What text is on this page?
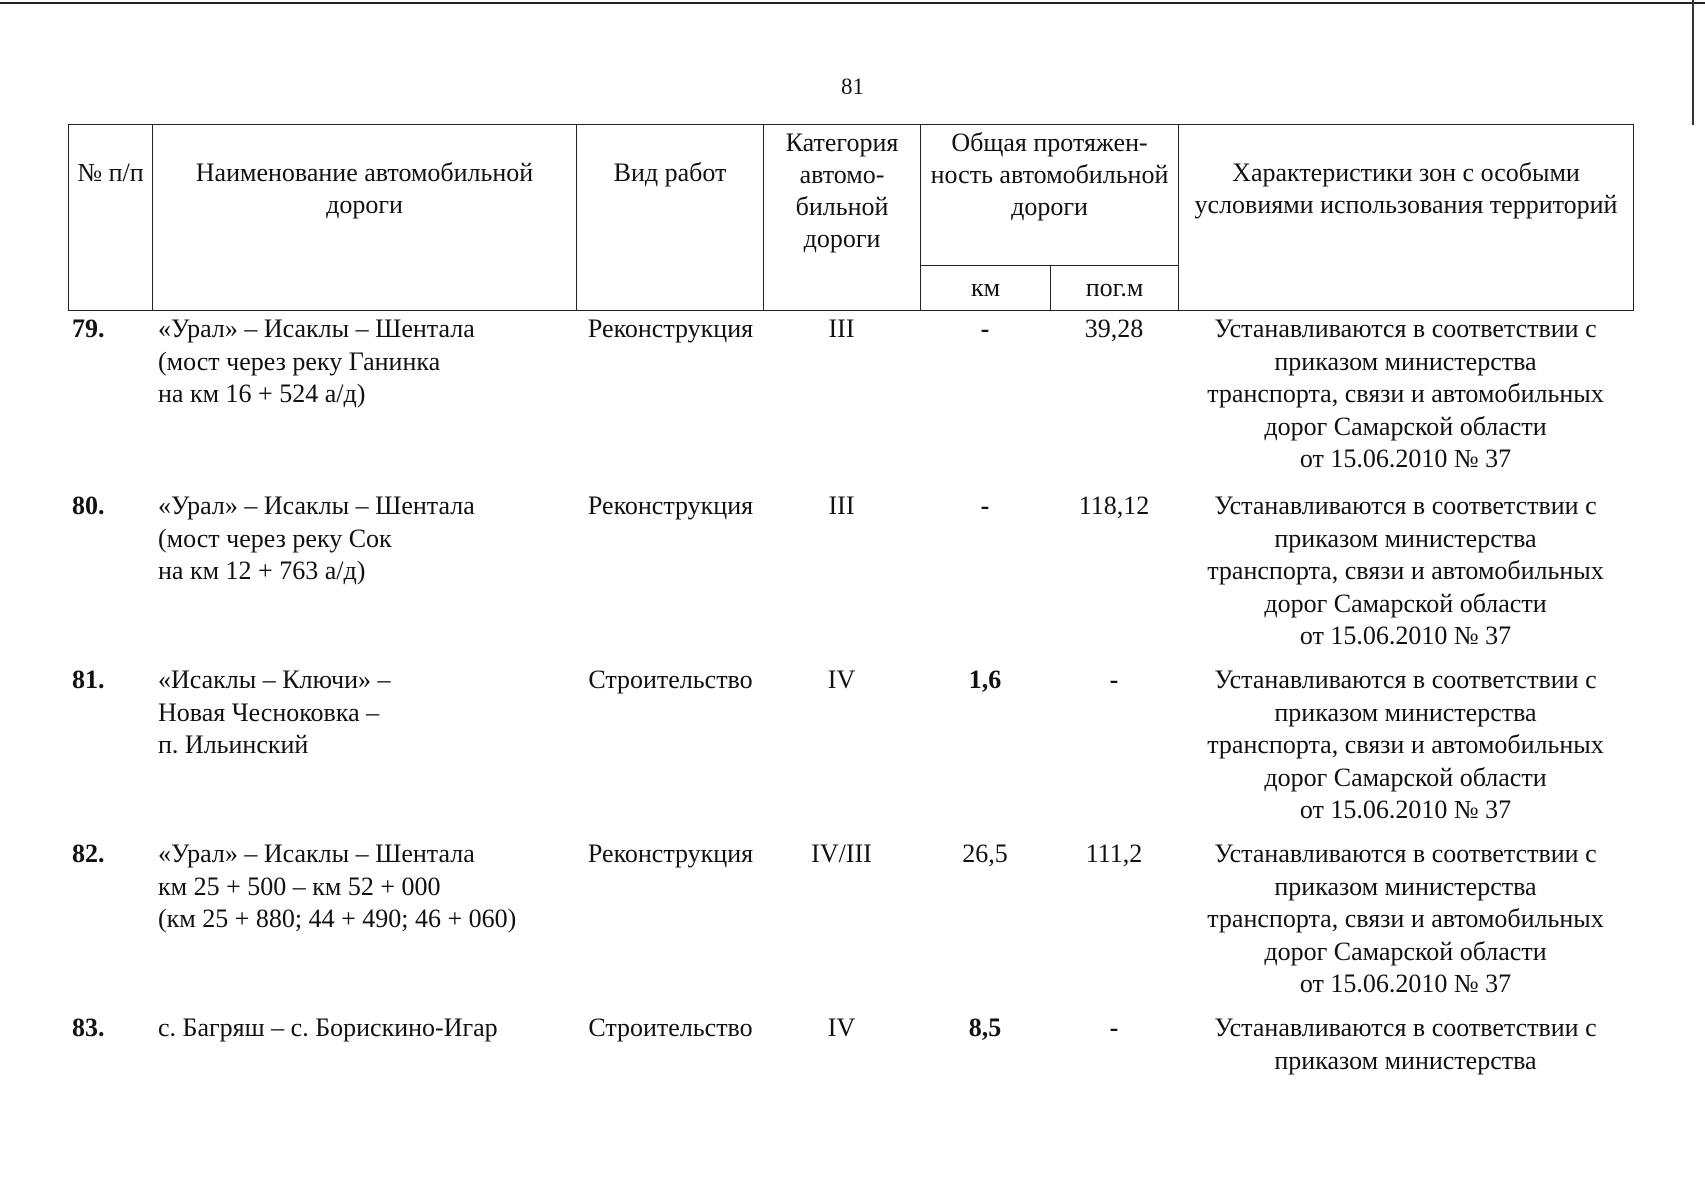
81
№ п/п	Наименование автомобильной дороги	Вид работ	Категория автомо- бильной дороги	Общая протяжен- ность автомобильной дороги		Характеристики зон с особыми условиями использования территорий
				км	пог.м	
79.	«Урал» – Исаклы – Шентала
(мост через реку Ганинка
на км 16 + 524 а/д)
Реконструкция	III	-	39,28	Устанавливаются в соответствии с
приказом министерства
транспорта, связи и автомобильных
дорог Самарской области
от 15.06.2010 № 37
80.	«Урал» – Исаклы – Шентала
(мост через реку Сок
на км 12 + 763 а/д)
Реконструкция	III	-	118,12	Устанавливаются в соответствии с
приказом министерства
транспорта, связи и автомобильных
дорог Самарской области
от 15.06.2010 № 37
81.	«Исаклы – Ключи» –
Новая Чесноковка –
п. Ильинский
Строительство	IV	1,6	-	Устанавливаются в соответствии с
приказом министерства
транспорта, связи и автомобильных
дорог Самарской области
от 15.06.2010 № 37
82.	«Урал» – Исаклы – Шентала
км 25 + 500 – км 52 + 000
(км 25 + 880; 44 + 490; 46 + 060)
Реконструкция	IV/III	26,5	111,2	Устанавливаются в соответствии с
приказом министерства
транспорта, связи и автомобильных
дорог Самарской области
от 15.06.2010 № 37
83.	с. Багряш – с. Борискино-Игар	Строительство	IV	8,5	-	Устанавливаются в соответствии с
приказом министерства
